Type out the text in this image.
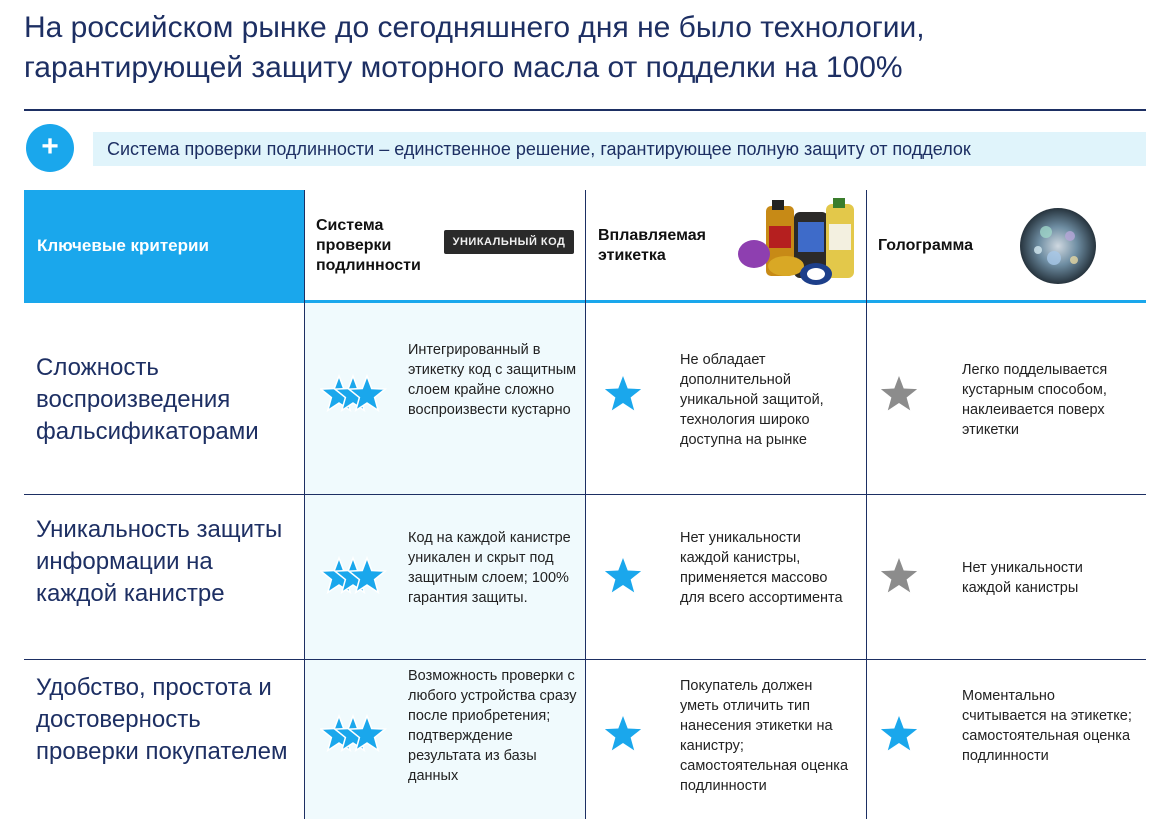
На российском рынке до сегодняшнего дня не было технологии, гарантирующей защиту моторного масла от подделки на 100%
+	Система проверки подлинности – единственное решение, гарантирующее полную защиту от подделок
Ключевые критерии
Система проверки подлинности
УНИКАЛЬНЫЙ КОД	Вплавляемая этикетка
Голограмма
Сложность воспроизведения фальсификаторами
Интегрированный в этикетку код с защитным слоем крайне сложно воспроизвести кустарно
Не обладает дополнительной уникальной защитой, технология широко доступна на рынке
Легко подделывается кустарным способом, наклеивается поверх этикетки
Уникальность защиты информации на каждой канистре
Код на каждой канистре уникален и скрыт под защитным слоем; 100% гарантия защиты.
Нет уникальности каждой канистры, применяется массово для всего ассортимента
Нет уникальности каждой канистры
Удобство, простота и достоверность проверки покупателем
Возможность проверки с любого устройства сразу после приобретения; подтверждение результата из базы данных
Покупатель должен уметь отличить тип нанесения этикетки на канистру; самостоятельная оценка подлинности
Моментально считывается на этикетке; самостоятельная оценка подлинности
